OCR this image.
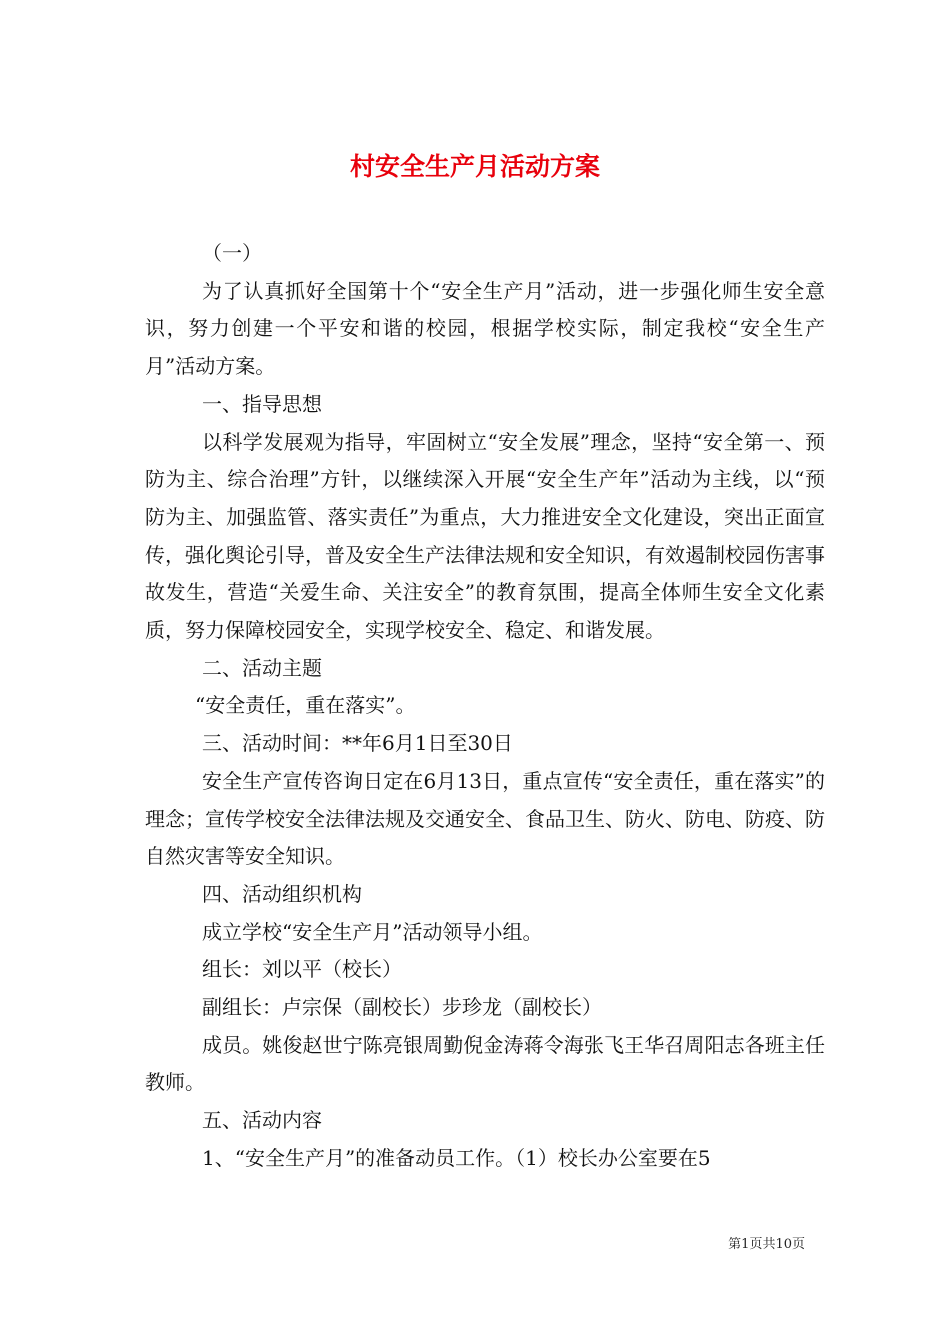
村安全生产月活动方案

（一）

为了认真抓好全国第十个“安全生产月”活动，进一步强化师生安全意识，努力创建一个平安和谐的校园，根据学校实际，制定我校“安全生产月”活动方案。

一、指导思想

以科学发展观为指导，牢固树立“安全发展”理念，坚持“安全第一、预防为主、综合治理”方针，以继续深入开展“安全生产年”活动为主线，以“预防为主、加强监管、落实责任”为重点，大力推进安全文化建设，突出正面宣传，强化舆论引导，普及安全生产法律法规和安全知识，有效遏制校园伤害事故发生，营造“关爱生命、关注安全”的教育氛围，提高全体师生安全文化素质，努力保障校园安全，实现学校安全、稳定、和谐发展。

二、活动主题

“安全责任，重在落实”。

三、活动时间：**年6月1日至30日

安全生产宣传咨询日定在6月13日，重点宣传“安全责任，重在落实”的理念；宣传学校安全法律法规及交通安全、食品卫生、防火、防电、防疫、防自然灾害等安全知识。

四、活动组织机构

成立学校“安全生产月”活动领导小组。

组长：刘以平（校长）

副组长：卢宗保（副校长）步珍龙（副校长）

成员。姚俊赵世宁陈亮银周勤倪金涛蒋令海张飞王华召周阳志各班主任教师。

五、活动内容

1、“安全生产月”的准备动员工作。（1）校长办公室要在5

第1页共10页
